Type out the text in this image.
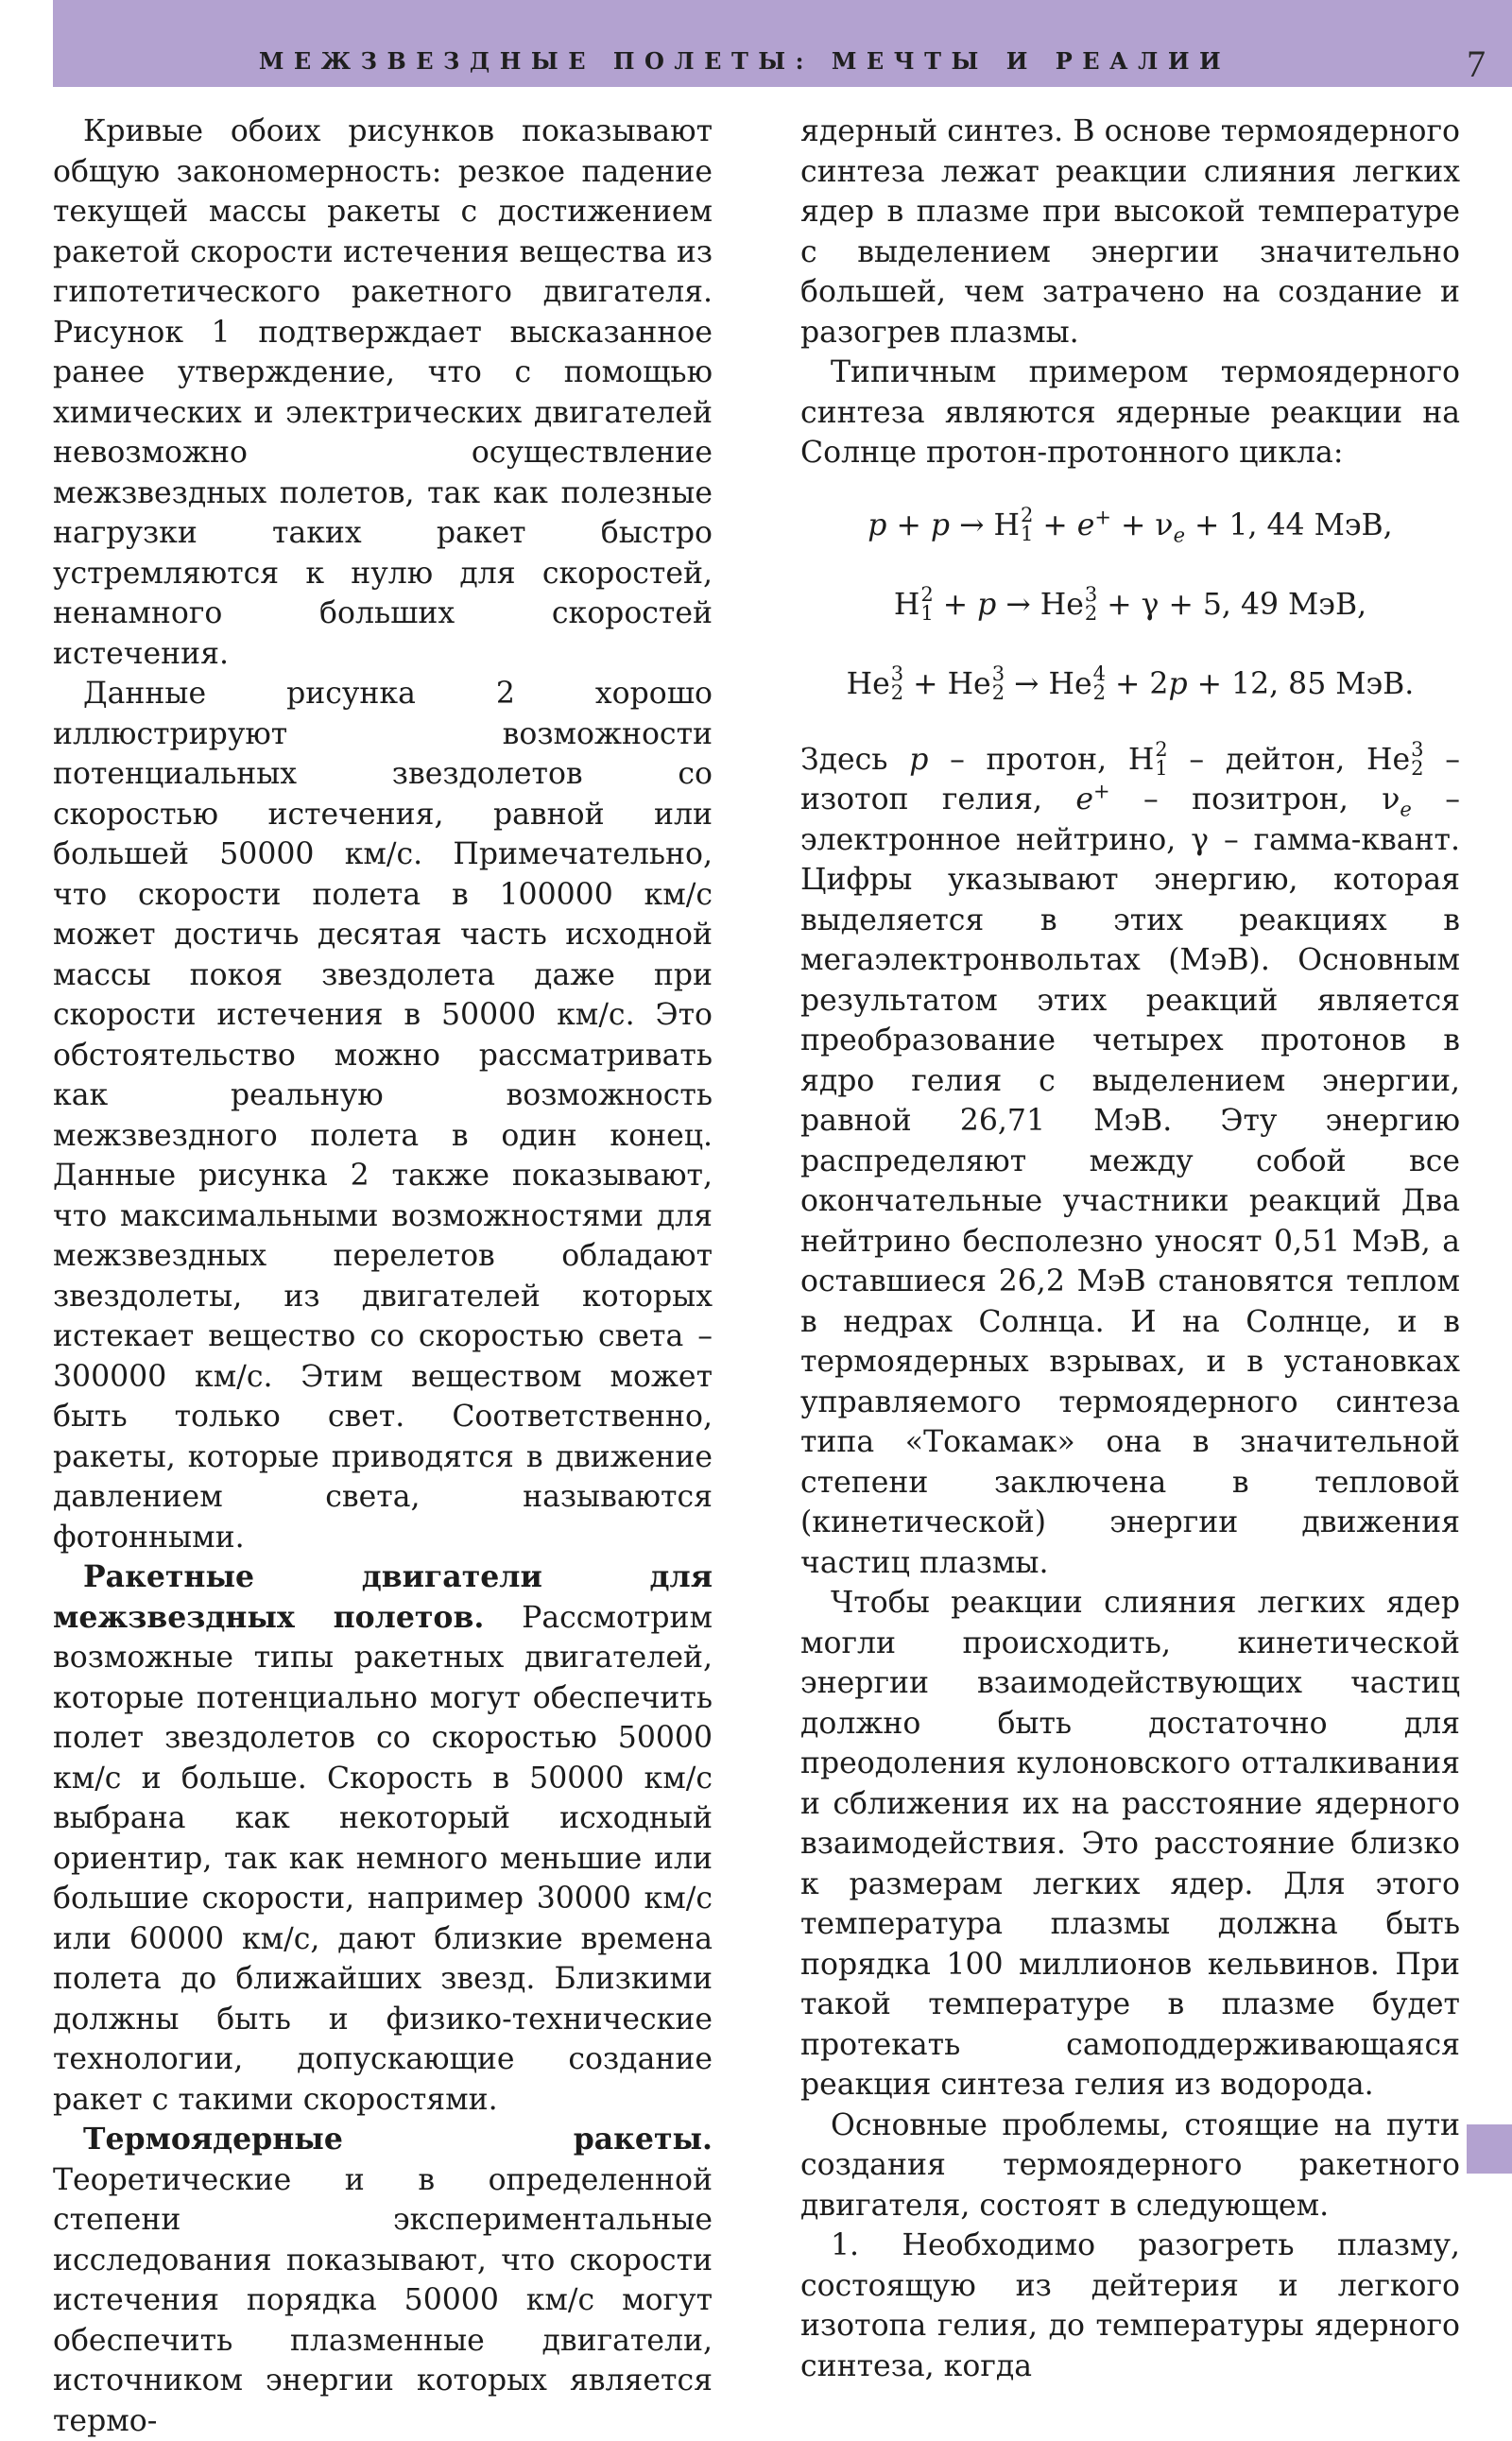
МЕЖЗВЕЗДНЫЕ ПОЛЕТЫ: МЕЧТЫ И РЕАЛИИ	7

Кривые обоих рисунков показывают общую закономерность: резкое падение текущей массы ракеты с достижением ракетой скорости истечения вещества из гипотетического ракетного двигателя. Рисунок 1 подтверждает высказанное ранее утверждение, что с помощью химических и электрических двигателей невозможно осуществление межзвездных полетов, так как полезные нагрузки таких ракет быстро устремляются к нулю для скоростей, ненамного больших скоростей истечения.

Данные рисунка 2 хорошо иллюстрируют возможности потенциальных звездолетов со скоростью истечения, равной или большей 50000 км/с. Примечательно, что скорости полета в 100000 км/с может достичь десятая часть исходной массы покоя звездолета даже при скорости истечения в 50000 км/с. Это обстоятельство можно рассматривать как реальную возможность межзвездного полета в один конец. Данные рисунка 2 также показывают, что максимальными возможностями для межзвездных перелетов обладают звездолеты, из двигателей которых истекает вещество со скоростью света – 300000 км/с. Этим веществом может быть только свет. Соответственно, ракеты, которые приводятся в движение давлением света, называются фотонными.

Ракетные двигатели для межзвездных полетов. Рассмотрим возможные типы ракетных двигателей, которые потенциально могут обеспечить полет звездолетов со скоростью 50000 км/с и больше. Скорость в 50000 км/с выбрана как некоторый исходный ориентир, так как немного меньшие или большие скорости, например 30000 км/с или 60000 км/с, дают близкие времена полета до ближайших звезд. Близкими должны быть и физико-технические технологии, допускающие создание ракет с такими скоростями.

Термоядерные ракеты. Теоретические и в определенной степени экспериментальные исследования показывают, что скорости истечения порядка 50000 км/с могут обеспечить плазменные двигатели, источником энергии которых является термо-

ядерный синтез. В основе термоядерного синтеза лежат реакции слияния легких ядер в плазме при высокой температуре с выделением энергии значительно большей, чем затрачено на создание и разогрев плазмы.

Типичным примером термоядерного синтеза являются ядерные реакции на Солнце протон-протонного цикла:

p + p → H 2
$1 + e^+ + \nu_e + 1$, 44 МэВ,
H 2
1 + p → He 3
2 + γ + 5, 49 МэВ,
He 3
2 + He 3
2 → He 4
2 + 2p + 12, 85 МэВ.

Здесь p – протон, H 2
1 – дейтон, He 3
2 – изотоп гелия, e+ – позитрон, $\nu_e$ – электронное нейтрино, γ – гамма-квант. Цифры указывают энергию, которая выделяется в этих реакциях в мегаэлектронвольтах (МэВ). Основным результатом этих реакций является преобразование четырех протонов в ядро гелия с выделением энергии, равной 26,71 МэВ. Эту энергию распределяют между собой все окончательные участники реакций Два нейтрино бесполезно уносят 0,51 МэВ, а оставшиеся 26,2 МэВ становятся теплом в недрах Солнца. И на Солнце, и в термоядерных взрывах, и в установках управляемого термоядерного синтеза типа «Токамак» она в значительной степени заключена в тепловой (кинетической) энергии движения частиц плазмы.

Чтобы реакции слияния легких ядер могли происходить, кинетической энергии взаимодействующих частиц должно быть достаточно для преодоления кулоновского отталкивания и сближения их на расстояние ядерного взаимодействия. Это расстояние близко к размерам легких ядер. Для этого температура плазмы должна быть порядка 100 миллионов кельвинов. При такой температуре в плазме будет протекать самоподдерживающаяся реакция синтеза гелия из водорода.

Основные проблемы, стоящие на пути создания термоядерного ракетного двигателя, состоят в следующем.

1. Необходимо разогреть плазму, состоящую из дейтерия и легкого изотопа гелия, до температуры ядерного синтеза, когда
